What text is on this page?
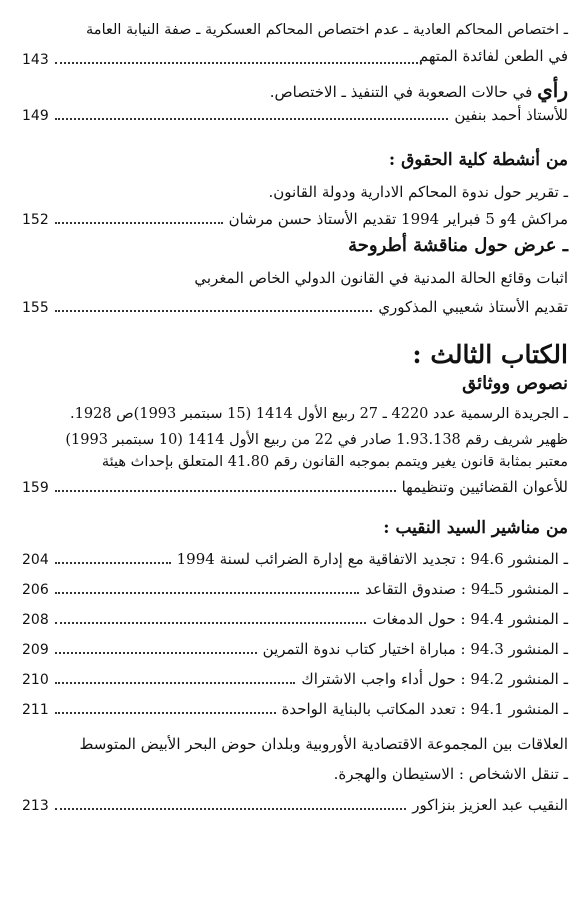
ـ اختصاص المحاكم العادية ـ عدم اختصاص المحاكم العسكرية ـ صفة النيابة العامة
في الطعن لفائدة المتهم
143
رأي في حالات الصعوبة في التنفيذ ـ الاختصاص.
149	للأستاذ أحمد بنفين
من أنشطة كلية الحقوق :
ـ تقرير حول ندوة المحاكم الادارية ودولة القانون.
152	مراكش 4و 5 فبراير 1994 تقديم الأستاذ حسن مرشان
ـ عرض حول مناقشة أطروحة
اثبات وقائع الحالة المدنية في القانون الدولي الخاص المغربي
155	تقديم الأستاذ شعيبي المذكوري
الكتاب الثالث :
نصوص ووثائق
ـ الجريدة الرسمية عدد 4220 ـ 27 ربيع الأول 1414 (15 سبتمبر 1993)ص 1928.
ظهير شريف رقم 1.93.138 صادر في 22 من ربيع الأول 1414 (10 سبتمبر 1993)
معتبر بمثابة قانون يغير ويتمم بموجبه القانون رقم 41.80 المتعلق بإحداث هيئة
159	للأعوان القضائيين وتنظيمها
من مناشير السيد النقيب :
204	ـ المنشور 94.6 : تجديد الاتفاقية مع إدارة الضرائب لسنة 1994
206	ـ المنشور 5ـ94 : صندوق التقاعد
208	ـ المنشور 94.4 : حول الدمغات
209	ـ المنشور 94.3 : مباراة اختيار كتاب ندوة التمرين
210	ـ المنشور 94.2 : حول أداء واجب الاشتراك
211	ـ المنشور 94.1 : تعدد المكاتب بالبناية الواحدة
العلاقات بين المجموعة الاقتصادية الأوروبية وبلدان حوض البحر الأبيض المتوسط
ـ تنقل الاشخاص : الاستيطان والهجرة.
213	النقيب عبد العزيز بنزاكور
